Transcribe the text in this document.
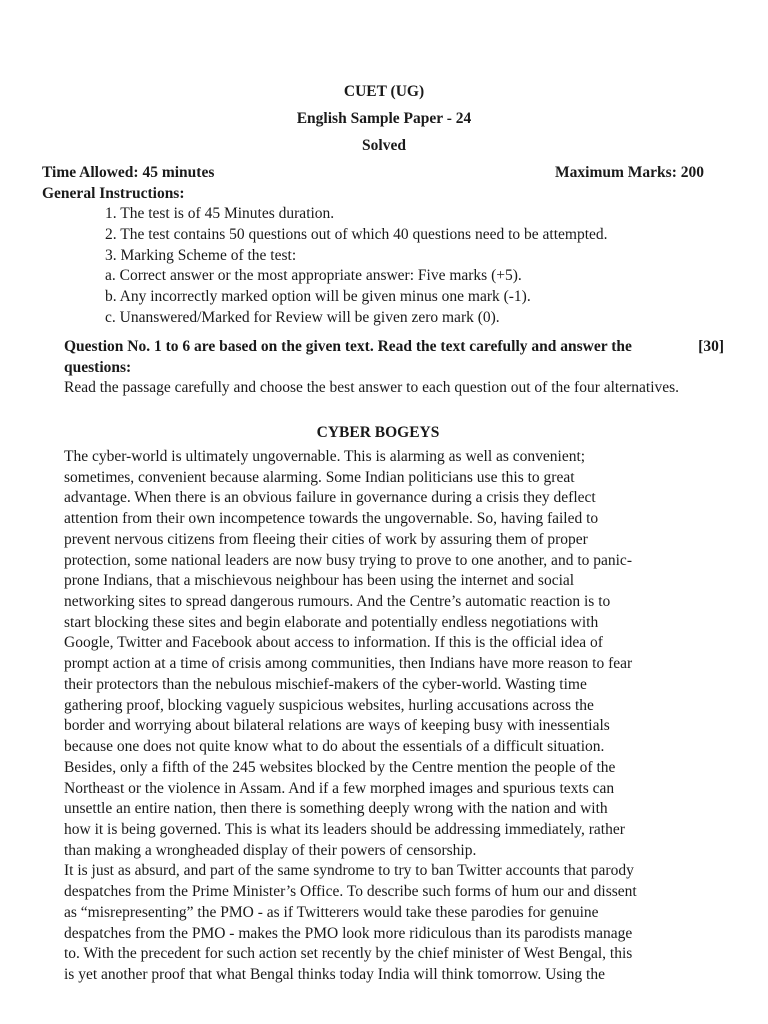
CUET (UG)
English Sample Paper - 24
Solved
Time Allowed: 45 minutes	Maximum Marks: 200
General Instructions:
1. The test is of 45 Minutes duration.
2. The test contains 50 questions out of which 40 questions need to be attempted.
3. Marking Scheme of the test:
a. Correct answer or the most appropriate answer: Five marks (+5).
b. Any incorrectly marked option will be given minus one mark (-1).
c. Unanswered/Marked for Review will be given zero mark (0).
Question No. 1 to 6 are based on the given text. Read the text carefully and answer the questions:
[30]
Read the passage carefully and choose the best answer to each question out of the four alternatives.
CYBER BOGEYS
The cyber-world is ultimately ungovernable. This is alarming as well as convenient;
sometimes, convenient because alarming. Some Indian politicians use this to great
advantage. When there is an obvious failure in governance during a crisis they deflect
attention from their own incompetence towards the ungovernable. So, having failed to
prevent nervous citizens from fleeing their cities of work by assuring them of proper
protection, some national leaders are now busy trying to prove to one another, and to panic-
prone Indians, that a mischievous neighbour has been using the internet and social
networking sites to spread dangerous rumours. And the Centre’s automatic reaction is to
start blocking these sites and begin elaborate and potentially endless negotiations with
Google, Twitter and Facebook about access to information. If this is the official idea of
prompt action at a time of crisis among communities, then Indians have more reason to fear
their protectors than the nebulous mischief-makers of the cyber-world. Wasting time
gathering proof, blocking vaguely suspicious websites, hurling accusations across the
border and worrying about bilateral relations are ways of keeping busy with inessentials
because one does not quite know what to do about the essentials of a difficult situation.
Besides, only a fifth of the 245 websites blocked by the Centre mention the people of the
Northeast or the violence in Assam. And if a few morphed images and spurious texts can
unsettle an entire nation, then there is something deeply wrong with the nation and with
how it is being governed. This is what its leaders should be addressing immediately, rather
than making a wrongheaded display of their powers of censorship.
It is just as absurd, and part of the same syndrome to try to ban Twitter accounts that parody
despatches from the Prime Minister’s Office. To describe such forms of hum our and dissent
as “misrepresenting” the PMO - as if Twitterers would take these parodies for genuine
despatches from the PMO - makes the PMO look more ridiculous than its parodists manage
to. With the precedent for such action set recently by the chief minister of West Bengal, this
is yet another proof that what Bengal thinks today India will think tomorrow. Using the
